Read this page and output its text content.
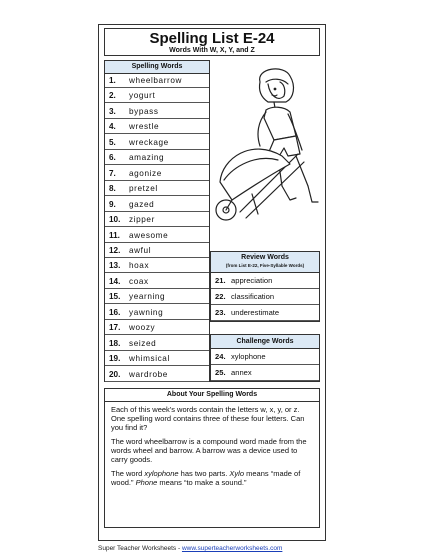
Spelling List E-24
Words With W, X, Y, and Z
Spelling Words
1. wheelbarrow
2. yogurt
3. bypass
4. wrestle
5. wreckage
6. amazing
7. agonize
8. pretzel
9. gazed
10. zipper
11. awesome
12. awful
13. hoax
14. coax
15. yearning
16. yawning
17. woozy
18. seized
19. whimsical
20. wardrobe
Review Words
(from List E-22, Five-Syllable Words)
21. appreciation
22. classification
23. underestimate
Challenge Words
24. xylophone
25. annex
About Your Spelling Words

Each of this week's words contain the letters w, x, y, or z. One spelling word contains three of these four letters. Can you find it?

The word wheelbarrow is a compound word made from the words wheel and barrow. A barrow was a device used to carry goods.

The word xylophone has two parts. Xylo means “made of wood.” Phone means “to make a sound.”

Super Teacher Worksheets - www.superteacherworksheets.com
